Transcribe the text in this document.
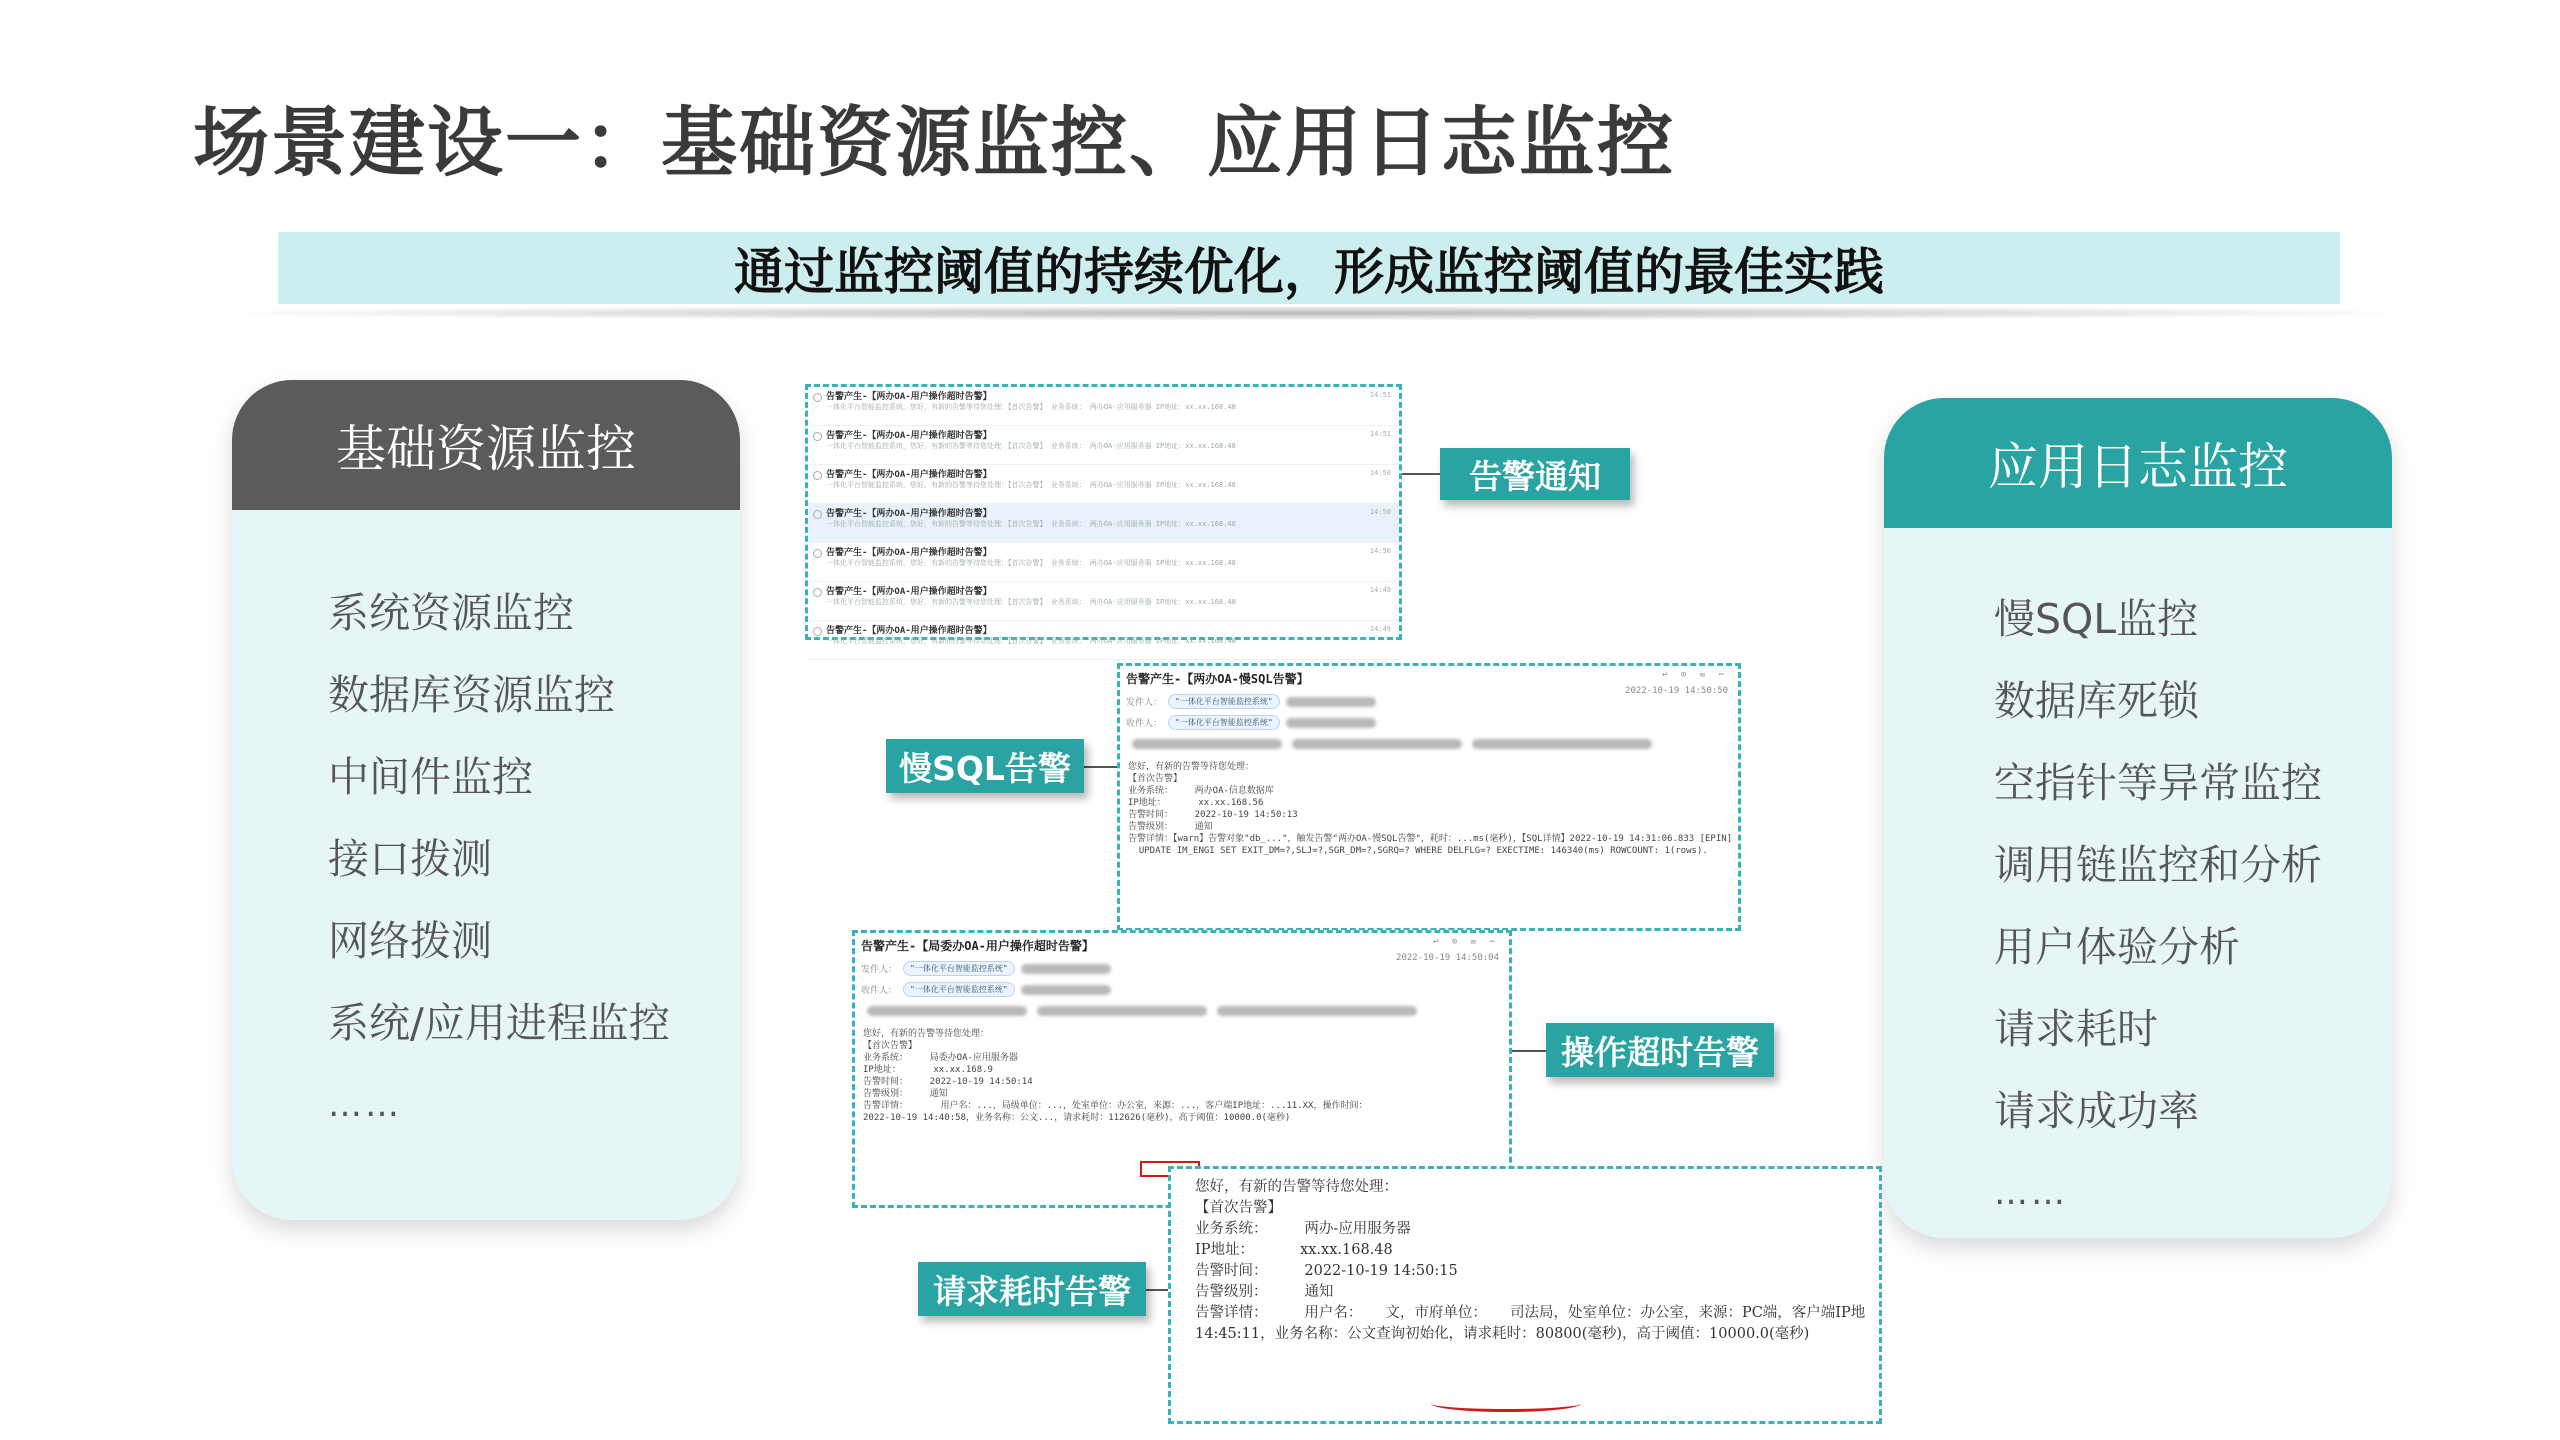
场景建设一：基础资源监控、应用日志监控
通过监控阈值的持续优化，形成监控阈值的最佳实践
基础资源监控
系统资源监控
数据库资源监控
中间件监控
接口拨测
网络拨测
系统/应用进程监控
……
应用日志监控
慢SQL监控
数据库死锁
空指针等异常监控
调用链监控和分析
用户体验分析
请求耗时
请求成功率
……
告警产生-【两办OA-用户操作超时告警】
一体化平台智能监控系统，您好，有新的告警等待您处理：【首次告警】 业务系统： 两办OA-应用服务器 IP地址：xx.xx.168.48
14:51
告警产生-【两办OA-用户操作超时告警】
一体化平台智能监控系统，您好，有新的告警等待您处理：【首次告警】 业务系统： 两办OA-应用服务器 IP地址：xx.xx.168.48
14:51
告警产生-【两办OA-用户操作超时告警】
一体化平台智能监控系统，您好，有新的告警等待您处理：【首次告警】 业务系统： 两办OA-应用服务器 IP地址：xx.xx.168.48
14:50
告警产生-【两办OA-用户操作超时告警】
一体化平台智能监控系统，您好，有新的告警等待您处理：【首次告警】 业务系统： 两办OA-应用服务器 IP地址：xx.xx.168.48
14:50
告警产生-【两办OA-用户操作超时告警】
一体化平台智能监控系统，您好，有新的告警等待您处理：【首次告警】 业务系统： 两办OA-应用服务器 IP地址：xx.xx.168.48
14:50
告警产生-【两办OA-用户操作超时告警】
一体化平台智能监控系统，您好，有新的告警等待您处理：【首次告警】 业务系统： 两办OA-应用服务器 IP地址：xx.xx.168.48
14:49
告警产生-【两办OA-用户操作超时告警】
一体化平台智能监控系统，您好，有新的告警等待您处理：【首次告警】 业务系统： 两办OA-应用服务器 IP地址：xx.xx.168.48
14:49
告警产生-【两办OA-慢SQL告警】	↩ ⊙ ✉ ⋯
2022-10-19 14:50:50
发件人：	"一体化平台智能监控系统"
收件人：	"一体化平台智能监控系统"
您好，有新的告警等待您处理：
【首次告警】
业务系统：    两办OA-信息数据库
IP地址：      xx.xx.168.56
告警时间：    2022-10-19 14:50:13
告警级别：    通知
告警详情：【warn】告警对象"db_..."，触发告警"两办OA-慢SQL告警"，耗时：...ms(毫秒)，【SQL详情】2022-10-19 14:31:06.833 [EPIN]
UPDATE IM_ENGI SET EXIT_DM=?,SLJ=?,SGR_DM=?,SGRQ=? WHERE DELFLG=? EXECTIME: 146340(ms) ROWCOUNT: 1(rows).
告警产生-【局委办OA-用户操作超时告警】	↩ ⊙ ✉ ⋯
2022-10-19 14:50:04
发件人：	"一体化平台智能监控系统"
收件人：	"一体化平台智能监控系统"
您好，有新的告警等待您处理：
【首次告警】
业务系统：    局委办OA-应用服务器
IP地址：      xx.xx.168.9
告警时间：    2022-10-19 14:50:14
告警级别：    通知
告警详情：      用户名：...，局级单位：...，处室单位：办公室，来源：...，客户端IP地址：...11.XX，操作时间：
2022-10-19 14:40:58，业务名称：公文...，请求耗时：112626(毫秒)，高于阈值：10000.0(毫秒)
您好，有新的告警等待您处理：
【首次告警】
业务系统：        两办-应用服务器
IP地址：          xx.xx.168.48
告警时间：        2022-10-19 14:50:15
告警级别：        通知
告警详情：        用户名：     文，市府单位：     司法局，处室单位：办公室，来源：PC端，客户端IP地
14:45:11，业务名称：公文查询初始化，请求耗时：80800(毫秒)，高于阈值：10000.0(毫秒)
告警通知
慢SQL告警
操作超时告警
请求耗时告警
